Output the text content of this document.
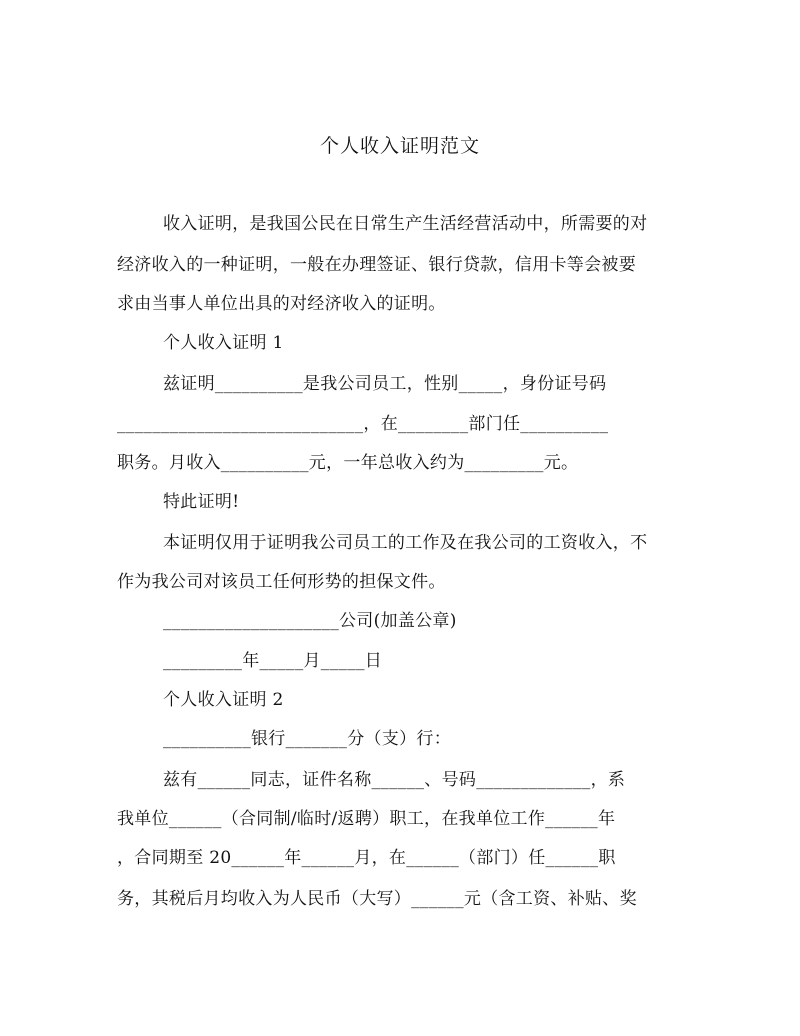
个人收入证明范文
收入证明，是我国公民在日常生产生活经营活动中，所需要的对
经济收入的一种证明，一般在办理签证、银行贷款，信用卡等会被要
求由当事人单位出具的对经济收入的证明。
个人收入证明 1
兹证明__________是我公司员工，性别_____，身份证号码
____________________________，在________部门任__________
职务。月收入__________元，一年总收入约为_________元。
特此证明!
本证明仅用于证明我公司员工的工作及在我公司的工资收入，不
作为我公司对该员工任何形势的担保文件。
____________________公司(加盖公章)
_________年_____月_____日
个人收入证明 2
__________银行_______分（支）行：
兹有______同志，证件名称______、号码_____________，系
我单位______（合同制/临时/返聘）职工，在我单位工作______年
，合同期至 20______年______月，在______（部门）任______职
务，其税后月均收入为人民币（大写）______元（含工资、补贴、奖
